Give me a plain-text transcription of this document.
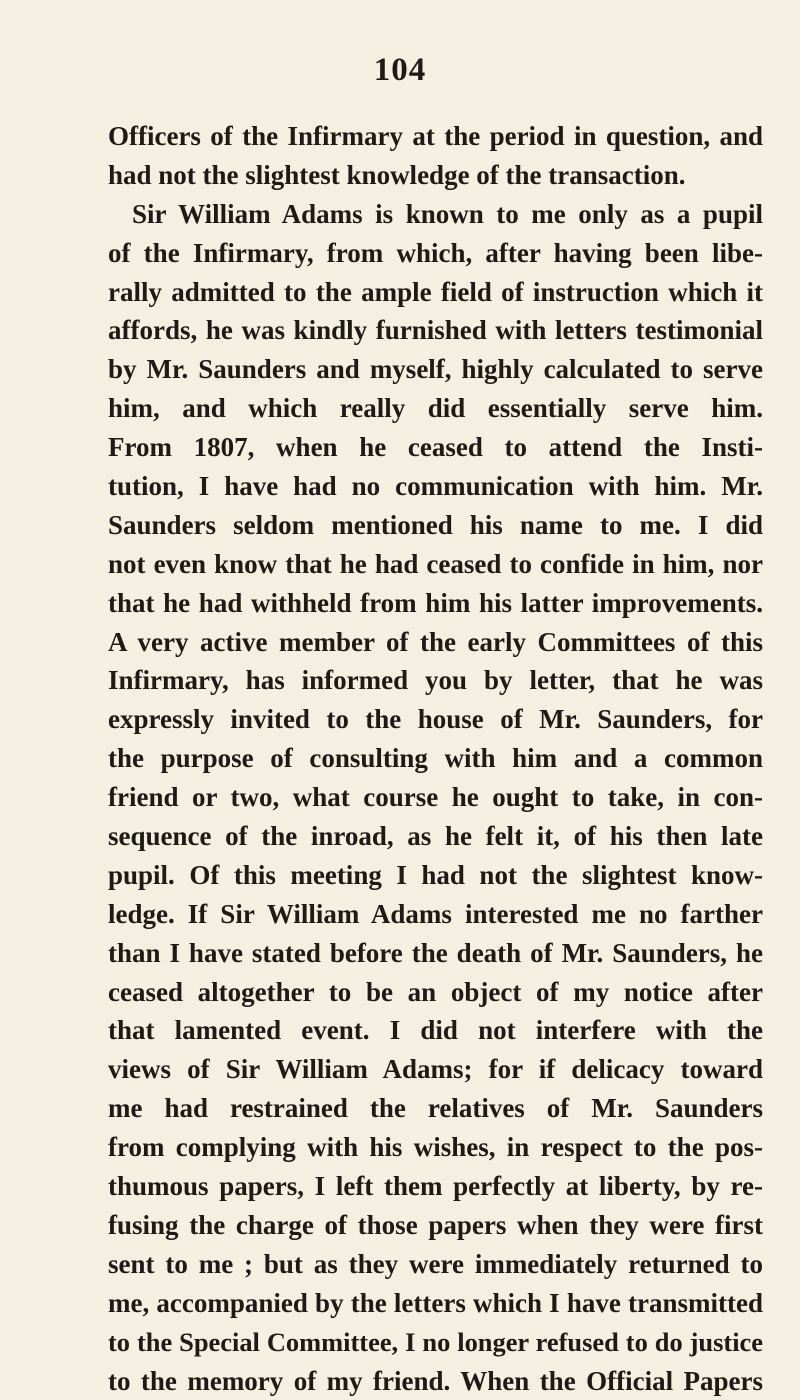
104
Officers of the Infirmary at the period in question, and
had not the slightest knowledge of the transaction.
Sir William Adams is known to me only as a pupil
of the Infirmary, from which, after having been libe-
rally admitted to the ample field of instruction which it
affords, he was kindly furnished with letters testimonial
by Mr. Saunders and myself, highly calculated to serve
him, and which really did essentially serve him.
From 1807, when he ceased to attend the Insti-
tution, I have had no communication with him. Mr.
Saunders seldom mentioned his name to me. I did
not even know that he had ceased to confide in him, nor
that he had withheld from him his latter improvements.
A very active member of the early Committees of this
Infirmary, has informed you by letter, that he was
expressly invited to the house of Mr. Saunders, for
the purpose of consulting with him and a common
friend or two, what course he ought to take, in con-
sequence of the inroad, as he felt it, of his then late
pupil. Of this meeting I had not the slightest know-
ledge. If Sir William Adams interested me no farther
than I have stated before the death of Mr. Saunders, he
ceased altogether to be an object of my notice after
that lamented event. I did not interfere with the
views of Sir William Adams; for if delicacy toward
me had restrained the relatives of Mr. Saunders
from complying with his wishes, in respect to the pos-
thumous papers, I left them perfectly at liberty, by re-
fusing the charge of those papers when they were first
sent to me ; but as they were immediately returned to
me, accompanied by the letters which I have transmitted
to the Special Committee, I no longer refused to do justice
to the memory of my friend. When the Official Papers
